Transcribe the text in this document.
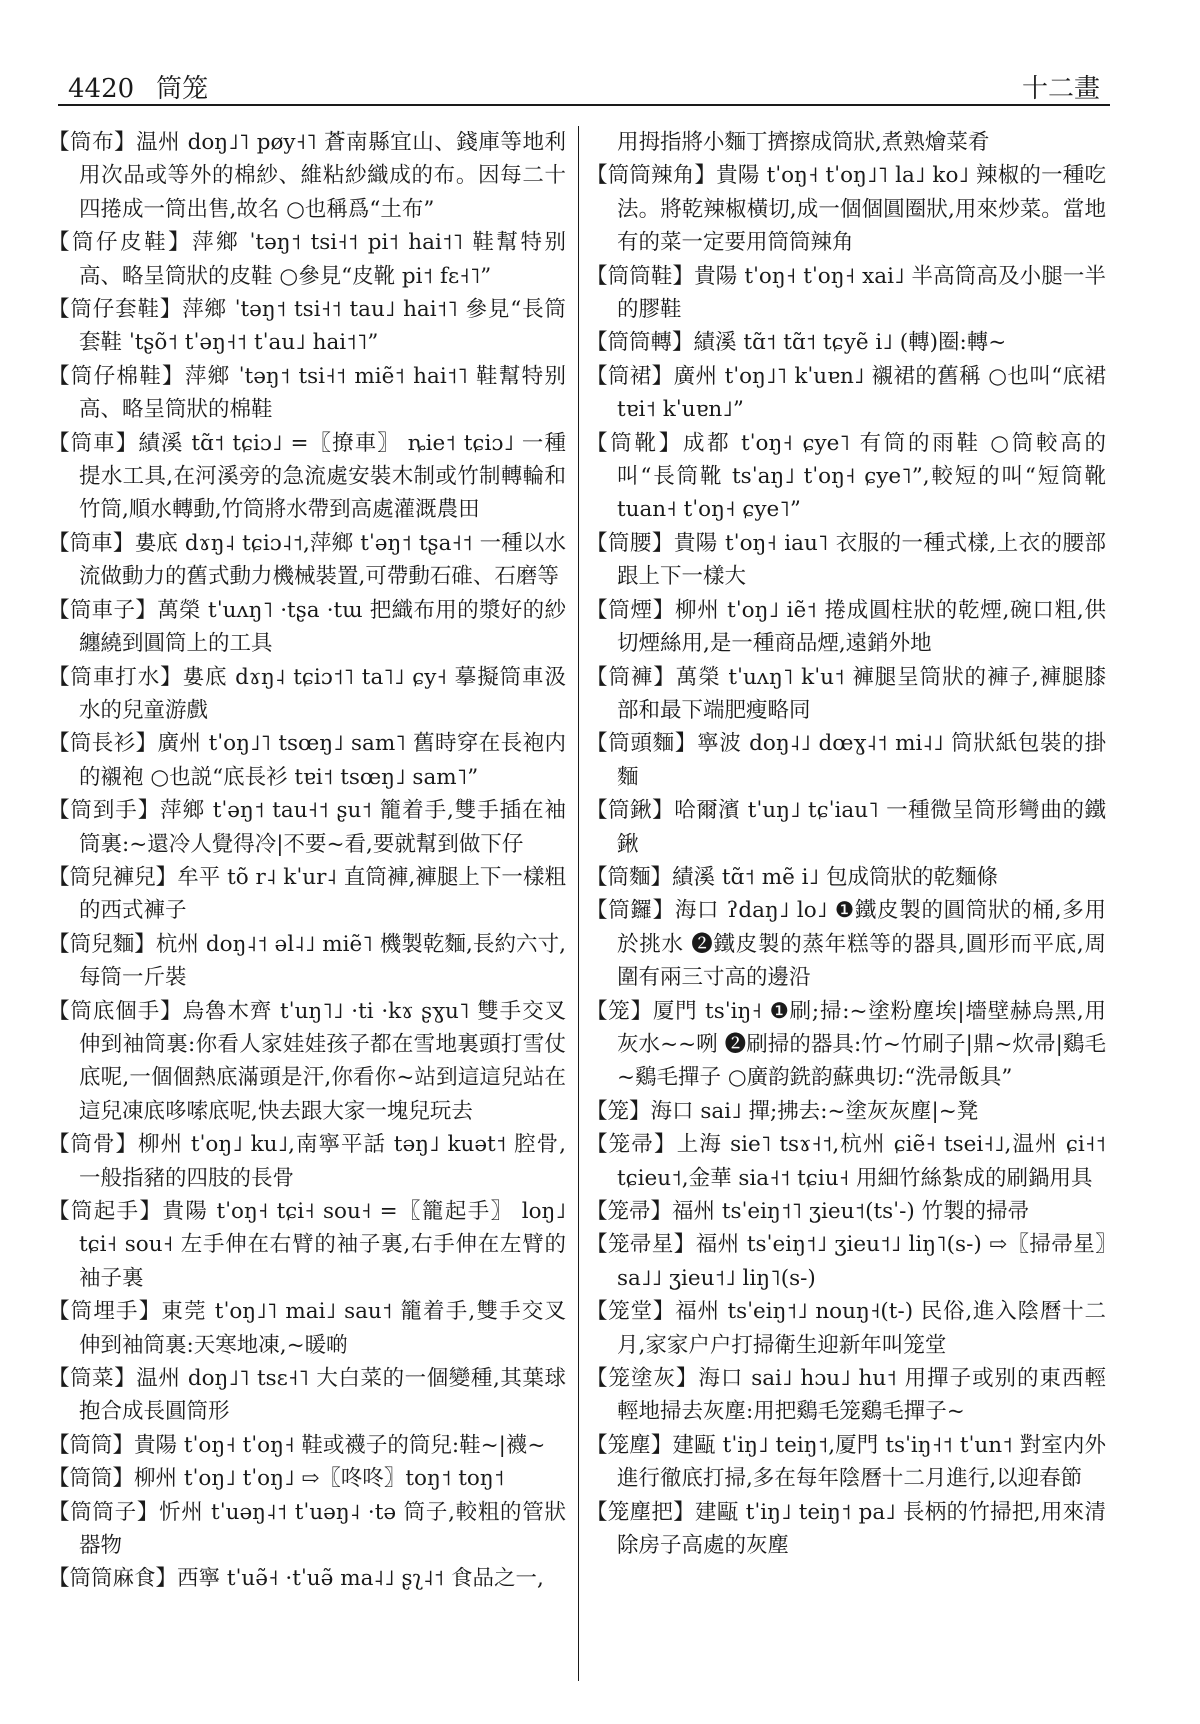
4420 筒笼	十二畫

【筒布】温州 doŋ˩˥ pøy˧˥ 蒼南縣宜山、錢庫等地利用次品或等外的棉紗、維粘紗織成的布。因每二十四捲成一筒出售,故名 ○也稱爲“土布”

【筒仔皮鞋】萍鄉 ˈtəŋ˦ tsi˧˦ pi˦ hai˦˥ 鞋幫特别高、略呈筒狀的皮鞋 ○參見“皮靴 pi˦ fɛ˧˥”

【筒仔套鞋】萍鄉 ˈtəŋ˦ tsi˧˦ tau˩ hai˦˥ 參見“長筒套鞋 ˈtʂõ˦ tˈəŋ˧˦ tˈau˩ hai˦˥”

【筒仔棉鞋】萍鄉 ˈtəŋ˦ tsi˧˦ miẽ˦ hai˦˥ 鞋幫特别高、略呈筒狀的棉鞋

【筒車】績溪 tɑ̃˦ tɕiɔ˩ =〖撩車〗 ȵie˦ tɕiɔ˩ 一種提水工具,在河溪旁的急流處安裝木制或竹制轉輪和竹筒,順水轉動,竹筒將水帶到高處灌溉農田

【筒車】婁底 dɤŋ˨ tɕiɔ˨˦,萍鄉 tˈəŋ˦ tʂa˧˦ 一種以水流做動力的舊式動力機械裝置,可帶動石碓、石磨等

【筒車子】萬榮 tˈuʌŋ˥ ·tʂa ·tɯ 把織布用的漿好的紗纏繞到圓筒上的工具

【筒車打水】婁底 dɤŋ˨ tɕiɔ˦˥ ta˥˩ ɕy˧ 摹擬筒車汲水的兒童游戲

【筒長衫】廣州 tˈoŋ˩˥ tsœŋ˩ sam˥ 舊時穿在長袍内的襯袍 ○也説“底長衫 tɐi˦ tsœŋ˩ sam˥”

【筒到手】萍鄉 tˈəŋ˦ tau˧˦ ʂu˦ 籠着手,雙手插在袖筒裏:~還冷人覺得冷|不要~看,要就幫到做下仔

【筒兒褲兒】牟平 tõ r˨ kˈur˨ 直筒褲,褲腿上下一樣粗的西式褲子

【筒兒麵】杭州 doŋ˨˦ əl˨˩ miẽ˥ 機製乾麵,長約六寸,每筒一斤裝

【筒底個手】烏魯木齊 tˈuŋ˥˩ ·ti ·kɤ ʂɣu˥ 雙手交叉伸到袖筒裏:你看人家娃娃孩子都在雪地裏頭打雪仗底呢,一個個熱底滿頭是汗,你看你~站到這這兒站在這兒凍底哆嗦底呢,快去跟大家一塊兒玩去

【筒骨】柳州 tˈoŋ˩ ku˩,南寧平話 təŋ˩ kuət˦ 腔骨,一般指豬的四肢的長骨

【筒起手】貴陽 tˈoŋ˧ tɕi˧ sou˧ =〖籠起手〗 loŋ˩ tɕi˧ sou˧ 左手伸在右臂的袖子裏,右手伸在左臂的袖子裏

【筒埋手】東莞 tˈoŋ˩˥ mai˩ sau˦ 籠着手,雙手交叉伸到袖筒裏:天寒地凍,~暖啲

【筒菜】温州 doŋ˩˥ tsɛ˧˥ 大白菜的一個變種,其葉球抱合成長圓筒形

【筒筒】貴陽 tˈoŋ˧ tˈoŋ˧ 鞋或襪子的筒兒:鞋~|襪~

【筒筒】柳州 tˈoŋ˩ tˈoŋ˩ ⇨〖咚咚〗toŋ˦ toŋ˦

【筒筒子】忻州 tˈuəŋ˨˦ tˈuəŋ˨ ·tə 筒子,較粗的管狀器物

【筒筒麻食】西寧 tˈuə̃˧ ·tˈuə̃ ma˨˩ ʂʅ˨˦ 食品之一,

用拇指將小麵丁擠擦成筒狀,煮熟燴菜肴

【筒筒辣角】貴陽 tˈoŋ˧ tˈoŋ˩˥ la˩ ko˩ 辣椒的一種吃法。將乾辣椒橫切,成一個個圓圈狀,用來炒菜。當地有的菜一定要用筒筒辣角

【筒筒鞋】貴陽 tˈoŋ˧ tˈoŋ˧ xai˩ 半高筒高及小腿一半的膠鞋

【筒筒轉】績溪 tɑ̃˦ tɑ̃˦ tɕyẽ i˩ (轉)圈:轉~

【筒裙】廣州 tˈoŋ˩˥ kˈuɐn˩ 襯裙的舊稱 ○也叫“底裙 tɐi˦ kˈuɐn˩”

【筒靴】成都 tˈoŋ˧ ɕye˥ 有筒的雨鞋 ○筒較高的叫“長筒靴 tsˈaŋ˩ tˈoŋ˧ ɕye˥”,較短的叫“短筒靴 tuan˧ tˈoŋ˧ ɕye˥”

【筒腰】貴陽 tˈoŋ˧ iau˥ 衣服的一種式樣,上衣的腰部跟上下一樣大

【筒煙】柳州 tˈoŋ˩ iẽ˦ 捲成圓柱狀的乾煙,碗口粗,供切煙絲用,是一種商品煙,遠銷外地

【筒褲】萬榮 tˈuʌŋ˥ kˈu˦ 褲腿呈筒狀的褲子,褲腿膝部和最下端肥瘦略同

【筒頭麵】寧波 doŋ˨˩ dœɣ˨˦ mi˨˩ 筒狀紙包裝的掛麵

【筒鍬】哈爾濱 tˈuŋ˩ tɕˈiau˥ 一種微呈筒形彎曲的鐵鍬

【筒麵】績溪 tɑ̃˦ mẽ i˩ 包成筒狀的乾麵條

【筒鑼】海口 ʔdaŋ˩ lo˩ ❶鐵皮製的圓筒狀的桶,多用於挑水 ❷鐵皮製的蒸年糕等的器具,圓形而平底,周圍有兩三寸高的邊沿

【笼】厦門 tsˈiŋ˧ ❶刷;掃:~塗粉塵埃|墻壁赫烏黑,用灰水~~咧 ❷刷掃的器具:竹~竹刷子|鼎~炊帚|鷄毛~鷄毛撣子 ○廣韵銑韵蘇典切:“洗帚飯具”

【笼】海口 sai˩ 撣;拂去:~塗灰灰塵|~凳

【笼帚】上海 sie˥ tsɤ˧˦,杭州 ɕiẽ˧ tsei˧˩,温州 ɕi˧˦ tɕieu˦,金華 sia˧˦ tɕiu˧ 用細竹絲紮成的刷鍋用具

【笼帚】福州 tsˈeiŋ˦˥ ʒieu˦(tsˈ-) 竹製的掃帚

【笼帚星】福州 tsˈeiŋ˦˩ ʒieu˦˩ liŋ˥(s-) ⇨〖掃帚星〗sa˩˩ ʒieu˦˩ liŋ˥(s-)

【笼堂】福州 tsˈeiŋ˦˩ nouŋ˧(t-) 民俗,進入陰曆十二月,家家户户打掃衛生迎新年叫笼堂

【笼塗灰】海口 sai˩ hɔu˩ hu˦ 用撣子或别的東西輕輕地掃去灰塵:用把鷄毛笼鷄毛撣子~

【笼塵】建甌 tˈiŋ˩ teiŋ˦,厦門 tsˈiŋ˧˦ tˈun˦ 對室内外進行徹底打掃,多在每年陰曆十二月進行,以迎春節

【笼塵把】建甌 tˈiŋ˩ teiŋ˦ pa˩ 長柄的竹掃把,用來清除房子高處的灰塵
